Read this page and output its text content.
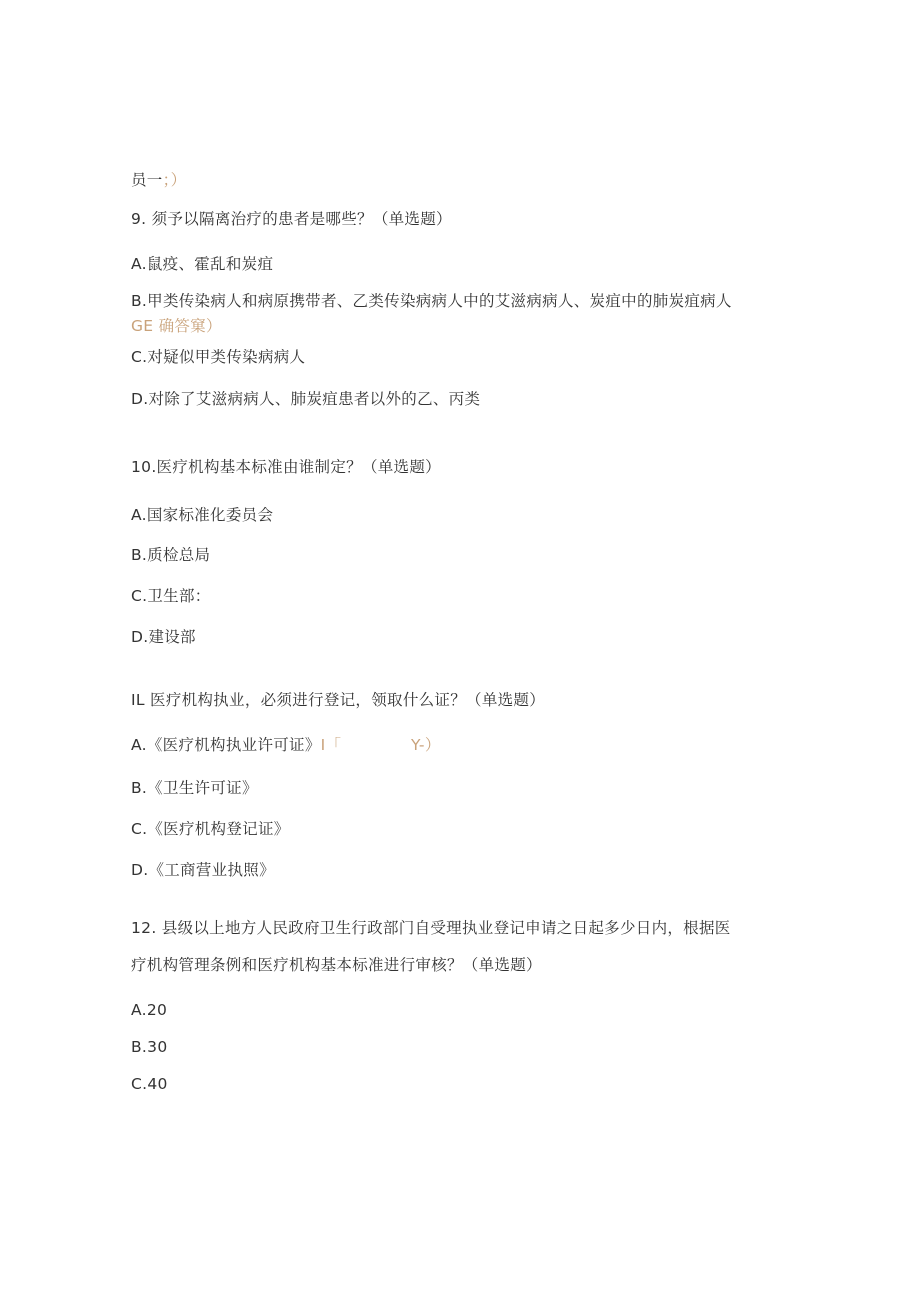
员一；）
9. 须予以隔离治疗的患者是哪些？（单选题）
A.鼠疫、霍乱和炭疽
B.甲类传染病人和病原携带者、乙类传染病病人中的艾滋病病人、炭疽中的肺炭疽病人
GE 确答窠）
C.对疑似甲类传染病病人
D.对除了艾滋病病人、肺炭疽患者以外的乙、丙类
10.医疗机构基本标准由谁制定？（单选题）
A.国家标准化委员会
B.质检总局
C.卫生部：
D.建设部
IL 医疗机构执业，必须进行登记，领取什么证？（单选题）
A.《医疗机构执业许可证》I「	Y-）
B.《卫生许可证》
C.《医疗机构登记证》
D.《工商营业执照》
12. 县级以上地方人民政府卫生行政部门自受理执业登记申请之日起多少日内，根据医
疗机构管理条例和医疗机构基本标准进行审核？（单选题）
A.20
B.30
C.40
